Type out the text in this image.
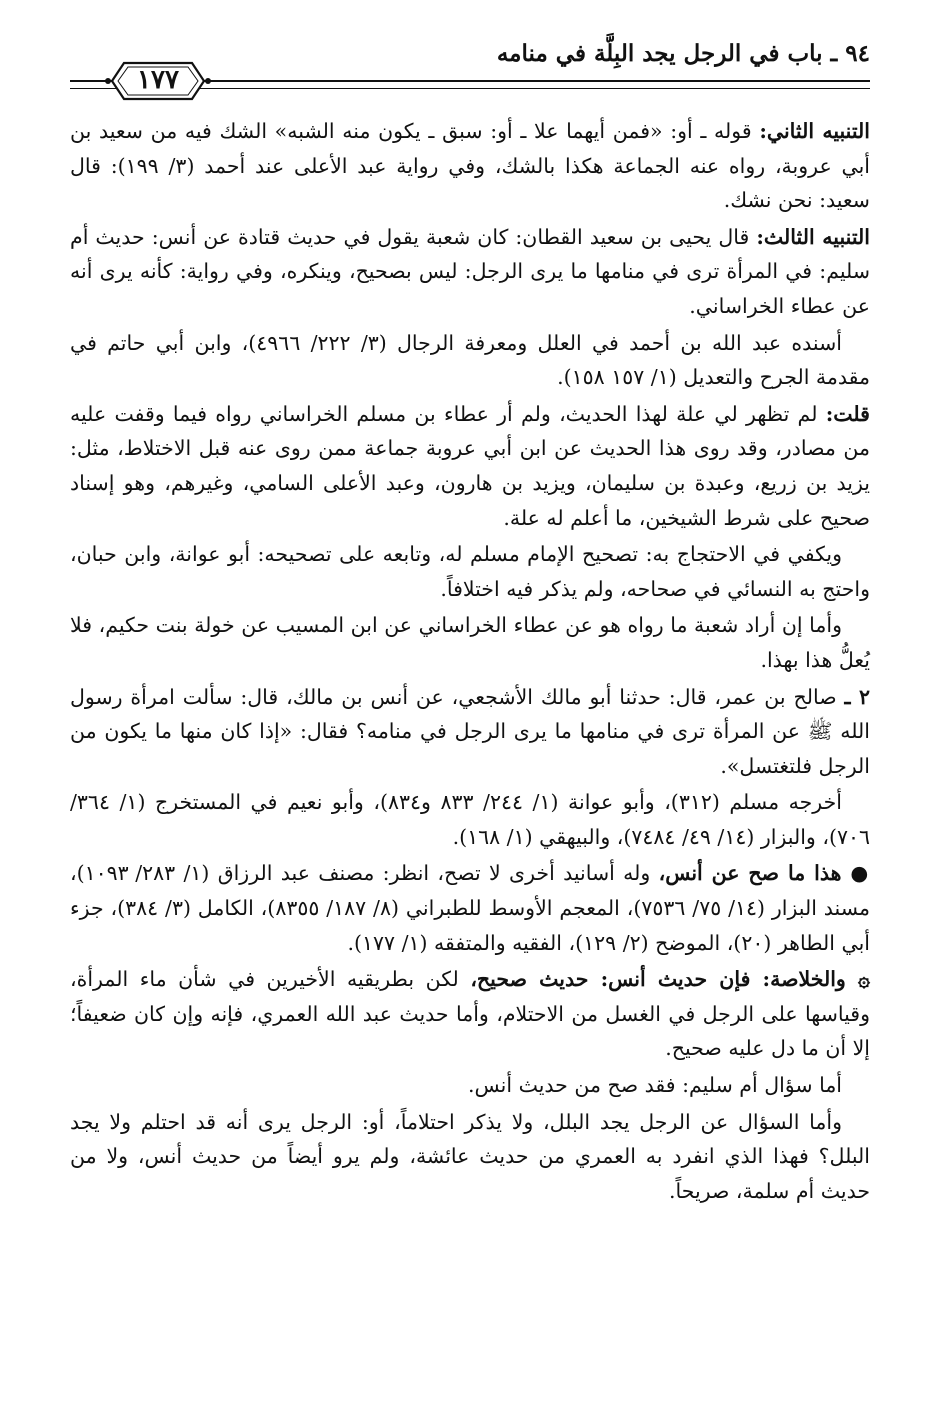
٩٤ ـ باب في الرجل يجد البِلَّة في منامه
١٧٧

التنبيه الثاني: قوله ـ أو: «فمن أيهما علا ـ أو: سبق ـ يكون منه الشبه» الشك فيه من سعيد بن أبي عروبة، رواه عنه الجماعة هكذا بالشك، وفي رواية عبد الأعلى عند أحمد (٣/ ١٩٩): قال سعيد: نحن نشك.

التنبيه الثالث: قال يحيى بن سعيد القطان: كان شعبة يقول في حديث قتادة عن أنس: حديث أم سليم: في المرأة ترى في منامها ما يرى الرجل: ليس بصحيح، وينكره، وفي رواية: كأنه يرى أنه عن عطاء الخراساني.

أسنده عبد الله بن أحمد في العلل ومعرفة الرجال (٣/ ٢٢٢/ ٤٩٦٦)، وابن أبي حاتم في مقدمة الجرح والتعديل (١/ ١٥٧ ١٥٨).

قلت: لم تظهر لي علة لهذا الحديث، ولم أر عطاء بن مسلم الخراساني رواه فيما وقفت عليه من مصادر، وقد روى هذا الحديث عن ابن أبي عروبة جماعة ممن روى عنه قبل الاختلاط، مثل: يزيد بن زريع، وعبدة بن سليمان، ويزيد بن هارون، وعبد الأعلى السامي، وغيرهم، وهو إسناد صحيح على شرط الشيخين، ما أعلم له علة.

ويكفي في الاحتجاج به: تصحيح الإمام مسلم له، وتابعه على تصحيحه: أبو عوانة، وابن حبان، واحتج به النسائي في صحاحه، ولم يذكر فيه اختلافاً.

وأما إن أراد شعبة ما رواه هو عن عطاء الخراساني عن ابن المسيب عن خولة بنت حكيم، فلا يُعلُّ هذا بهذا.

٢ ـ صالح بن عمر، قال: حدثنا أبو مالك الأشجعي، عن أنس بن مالك، قال: سألت امرأة رسول الله ﷺ عن المرأة ترى في منامها ما يرى الرجل في منامه؟ فقال: «إذا كان منها ما يكون من الرجل فلتغتسل».

أخرجه مسلم (٣١٢)، وأبو عوانة (١/ ٢٤٤/ ٨٣٣ و٨٣٤)، وأبو نعيم في المستخرج (١/ ٣٦٤/ ٧٠٦)، والبزار (١٤/ ٤٩/ ٧٤٨٤)، والبيهقي (١/ ١٦٨).

● هذا ما صح عن أنس، وله أسانيد أخرى لا تصح، انظر: مصنف عبد الرزاق (١/ ٢٨٣/ ١٠٩٣)، مسند البزار (١٤/ ٧٥/ ٧٥٣٦)، المعجم الأوسط للطبراني (٨/ ١٨٧/ ٨٣٥٥)، الكامل (٣/ ٣٨٤)، جزء أبي الطاهر (٢٠)، الموضح (٢/ ١٢٩)، الفقيه والمتفقه (١/ ١٧٧).

۞ والخلاصة: فإن حديث أنس: حديث صحيح، لكن بطريقيه الأخيرين في شأن ماء المرأة، وقياسها على الرجل في الغسل من الاحتلام، وأما حديث عبد الله العمري، فإنه وإن كان ضعيفاً؛ إلا أن ما دل عليه صحيح.

أما سؤال أم سليم: فقد صح من حديث أنس.

وأما السؤال عن الرجل يجد البلل، ولا يذكر احتلاماً، أو: الرجل يرى أنه قد احتلم ولا يجد البلل؟ فهذا الذي انفرد به العمري من حديث عائشة، ولم يرو أيضاً من حديث أنس، ولا من حديث أم سلمة، صريحاً.
